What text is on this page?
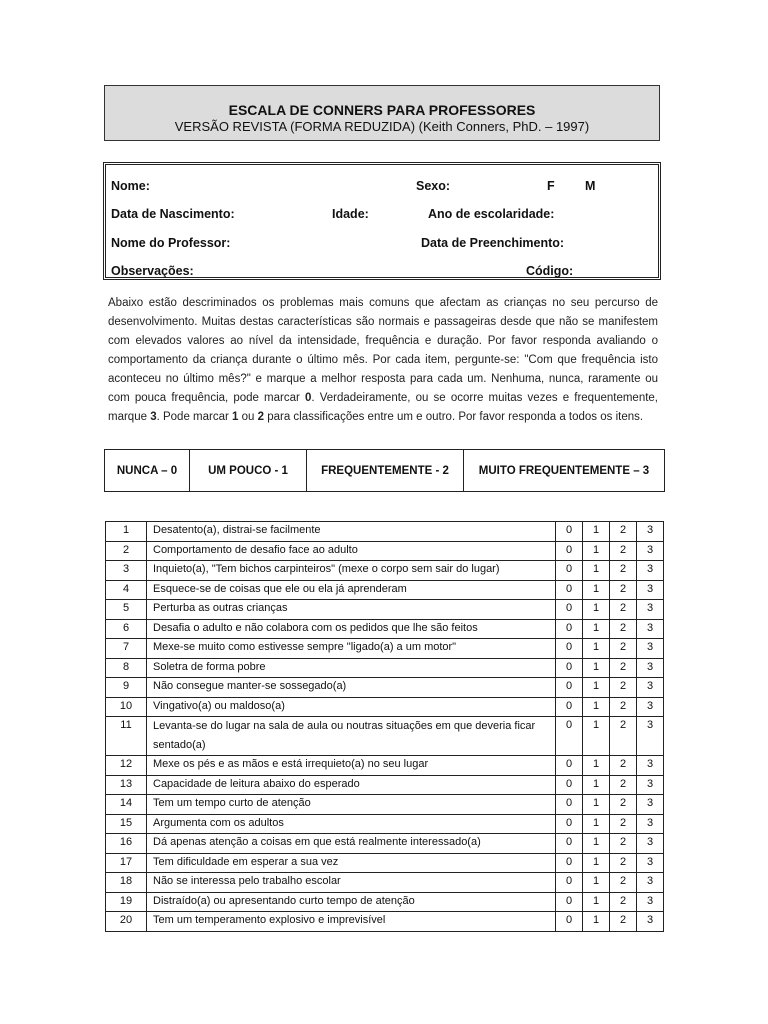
ESCALA DE CONNERS PARA PROFESSORES
VERSÃO REVISTA (FORMA REDUZIDA) (Keith Conners, PhD. – 1997)
Nome:	Sexo:	F M
Data de Nascimento:	Idade:	Ano de escolaridade:
Nome do Professor:	Data de Preenchimento:
Observações:	Código:
Abaixo estão descriminados os problemas mais comuns que afectam as crianças no seu percurso de desenvolvimento. Muitas destas características são normais e passageiras desde que não se manifestem com elevados valores ao nível da intensidade, frequência e duração. Por favor responda avaliando o comportamento da criança durante o último mês. Por cada item, pergunte-se: "Com que frequência isto aconteceu no último mês?" e marque a melhor resposta para cada um. Nenhuma, nunca, raramente ou com pouca frequência, pode marcar 0. Verdadeiramente, ou se ocorre muitas vezes e frequentemente, marque 3. Pode marcar 1 ou 2 para classificações entre um e outro. Por favor responda a todos os itens.
NUNCA – 0	UM POUCO - 1	FREQUENTEMENTE - 2	MUITO FREQUENTEMENTE – 3
1	Desatento(a), distrai-se facilmente	0	1	2	3
2	Comportamento de desafio face ao adulto	0	1	2	3
3	Inquieto(a), "Tem bichos carpinteiros" (mexe o corpo sem sair do lugar)	0	1	2	3
4	Esquece-se de coisas que ele ou ela já aprenderam	0	1	2	3
5	Perturba as outras crianças	0	1	2	3
6	Desafia o adulto e não colabora com os pedidos que lhe são feitos	0	1	2	3
7	Mexe-se muito como estivesse sempre "ligado(a) a um motor"	0	1	2	3
8	Soletra de forma pobre	0	1	2	3
9	Não consegue manter-se sossegado(a)	0	1	2	3
10	Vingativo(a) ou maldoso(a)	0	1	2	3
11	Levanta-se do lugar na sala de aula ou noutras situações em que deveria ficar sentado(a)	0	1	2	3
12	Mexe os pés e as mãos e está irrequieto(a) no seu lugar	0	1	2	3
13	Capacidade de leitura abaixo do esperado	0	1	2	3
14	Tem um tempo curto de atenção	0	1	2	3
15	Argumenta com os adultos	0	1	2	3
16	Dá apenas atenção a coisas em que está realmente interessado(a)	0	1	2	3
17	Tem dificuldade em esperar a sua vez	0	1	2	3
18	Não se interessa pelo trabalho escolar	0	1	2	3
19	Distraído(a) ou apresentando curto tempo de atenção	0	1	2	3
20	Tem um temperamento explosivo e imprevisível	0	1	2	3
